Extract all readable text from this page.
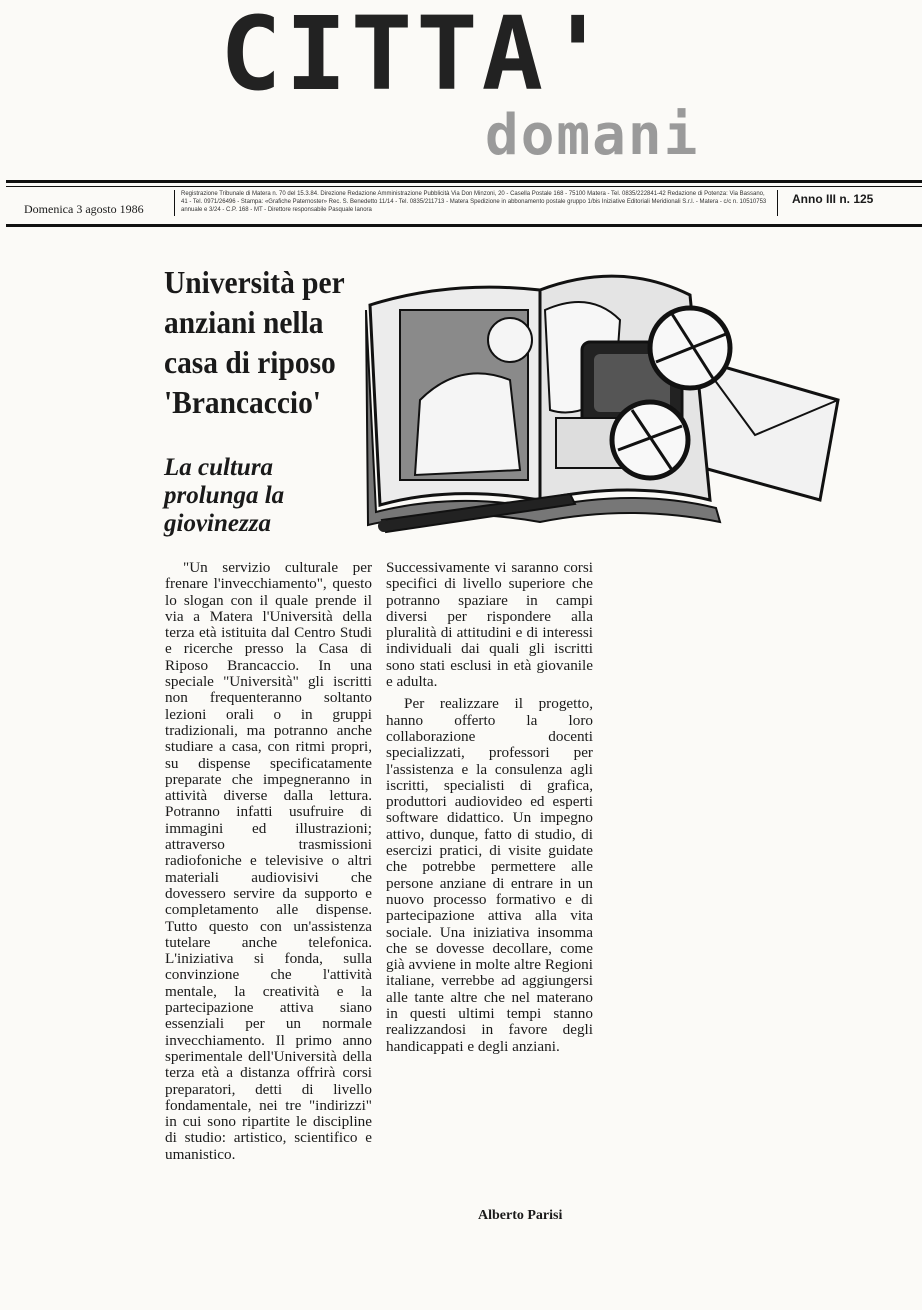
CITTA'
domani
Domenica 3 agosto 1986
Registrazione Tribunale di Matera n. 70 del 15.3.84. Direzione Redazione Amministrazione Pubblicità Via Don Minzoni, 20 - Casella Postale 168 - 75100 Matera - Tel. 0835/222841-42 Redazione di Potenza: Via Bassano, 41 - Tel. 0971/26496 - Stampa: «Grafiche Paternoster» Rec. S. Benedetto 11/14 - Tel. 0835/211713 - Matera Spedizione in abbonamento postale gruppo 1/bis Iniziative Editoriali Meridionali S.r.l. - Matera - c/c n. 10510753 annuale e 3/24 - C.P. 168 - MT - Direttore responsabile Pasquale Ianora
Anno III n. 125
Università per anziani nella casa di riposo 'Brancaccio'
La cultura prolunga la giovinezza

"Un servizio culturale per frenare l'invecchiamento", questo lo slogan con il quale prende il via a Matera l'Università della terza età istituita dal Centro Studi e ricerche presso la Casa di Riposo Brancaccio. In una speciale "Università" gli iscritti non frequenteranno soltanto lezioni orali o in gruppi tradizionali, ma potranno anche studiare a casa, con ritmi propri, su dispense specificatamente preparate che impegneranno in attività diverse dalla lettura. Potranno infatti usufruire di immagini ed illustrazioni; attraverso trasmissioni radiofoniche e televisive o altri materiali audiovisivi che dovessero servire da supporto e completamento alle dispense. Tutto questo con un'assistenza tutelare anche telefonica. L'iniziativa si fonda, sulla convinzione che l'attività mentale, la creatività e la partecipazione attiva siano essenziali per un normale invecchiamento. Il primo anno sperimentale dell'Università della terza età a distanza offrirà corsi preparatori, detti di livello fondamentale, nei tre "indirizzi" in cui sono ripartite le discipline di studio: artistico, scientifico e umanistico.

Successivamente vi saranno corsi specifici di livello superiore che potranno spaziare in campi diversi per rispondere alla pluralità di attitudini e di interessi individuali dai quali gli iscritti sono stati esclusi in età giovanile e adulta.

Per realizzare il progetto, hanno offerto la loro collaborazione docenti specializzati, professori per l'assistenza e la consulenza agli iscritti, specialisti di grafica, produttori audiovideo ed esperti software didattico. Un impegno attivo, dunque, fatto di studio, di esercizi pratici, di visite guidate che potrebbe permettere alle persone anziane di entrare in un nuovo processo formativo e di partecipazione attiva alla vita sociale. Una iniziativa insomma che se dovesse decollare, come già avviene in molte altre Regioni italiane, verrebbe ad aggiungersi alle tante altre che nel materano in questi ultimi tempi stanno realizzandosi in favore degli handicappati e degli anziani.

Alberto Parisi
